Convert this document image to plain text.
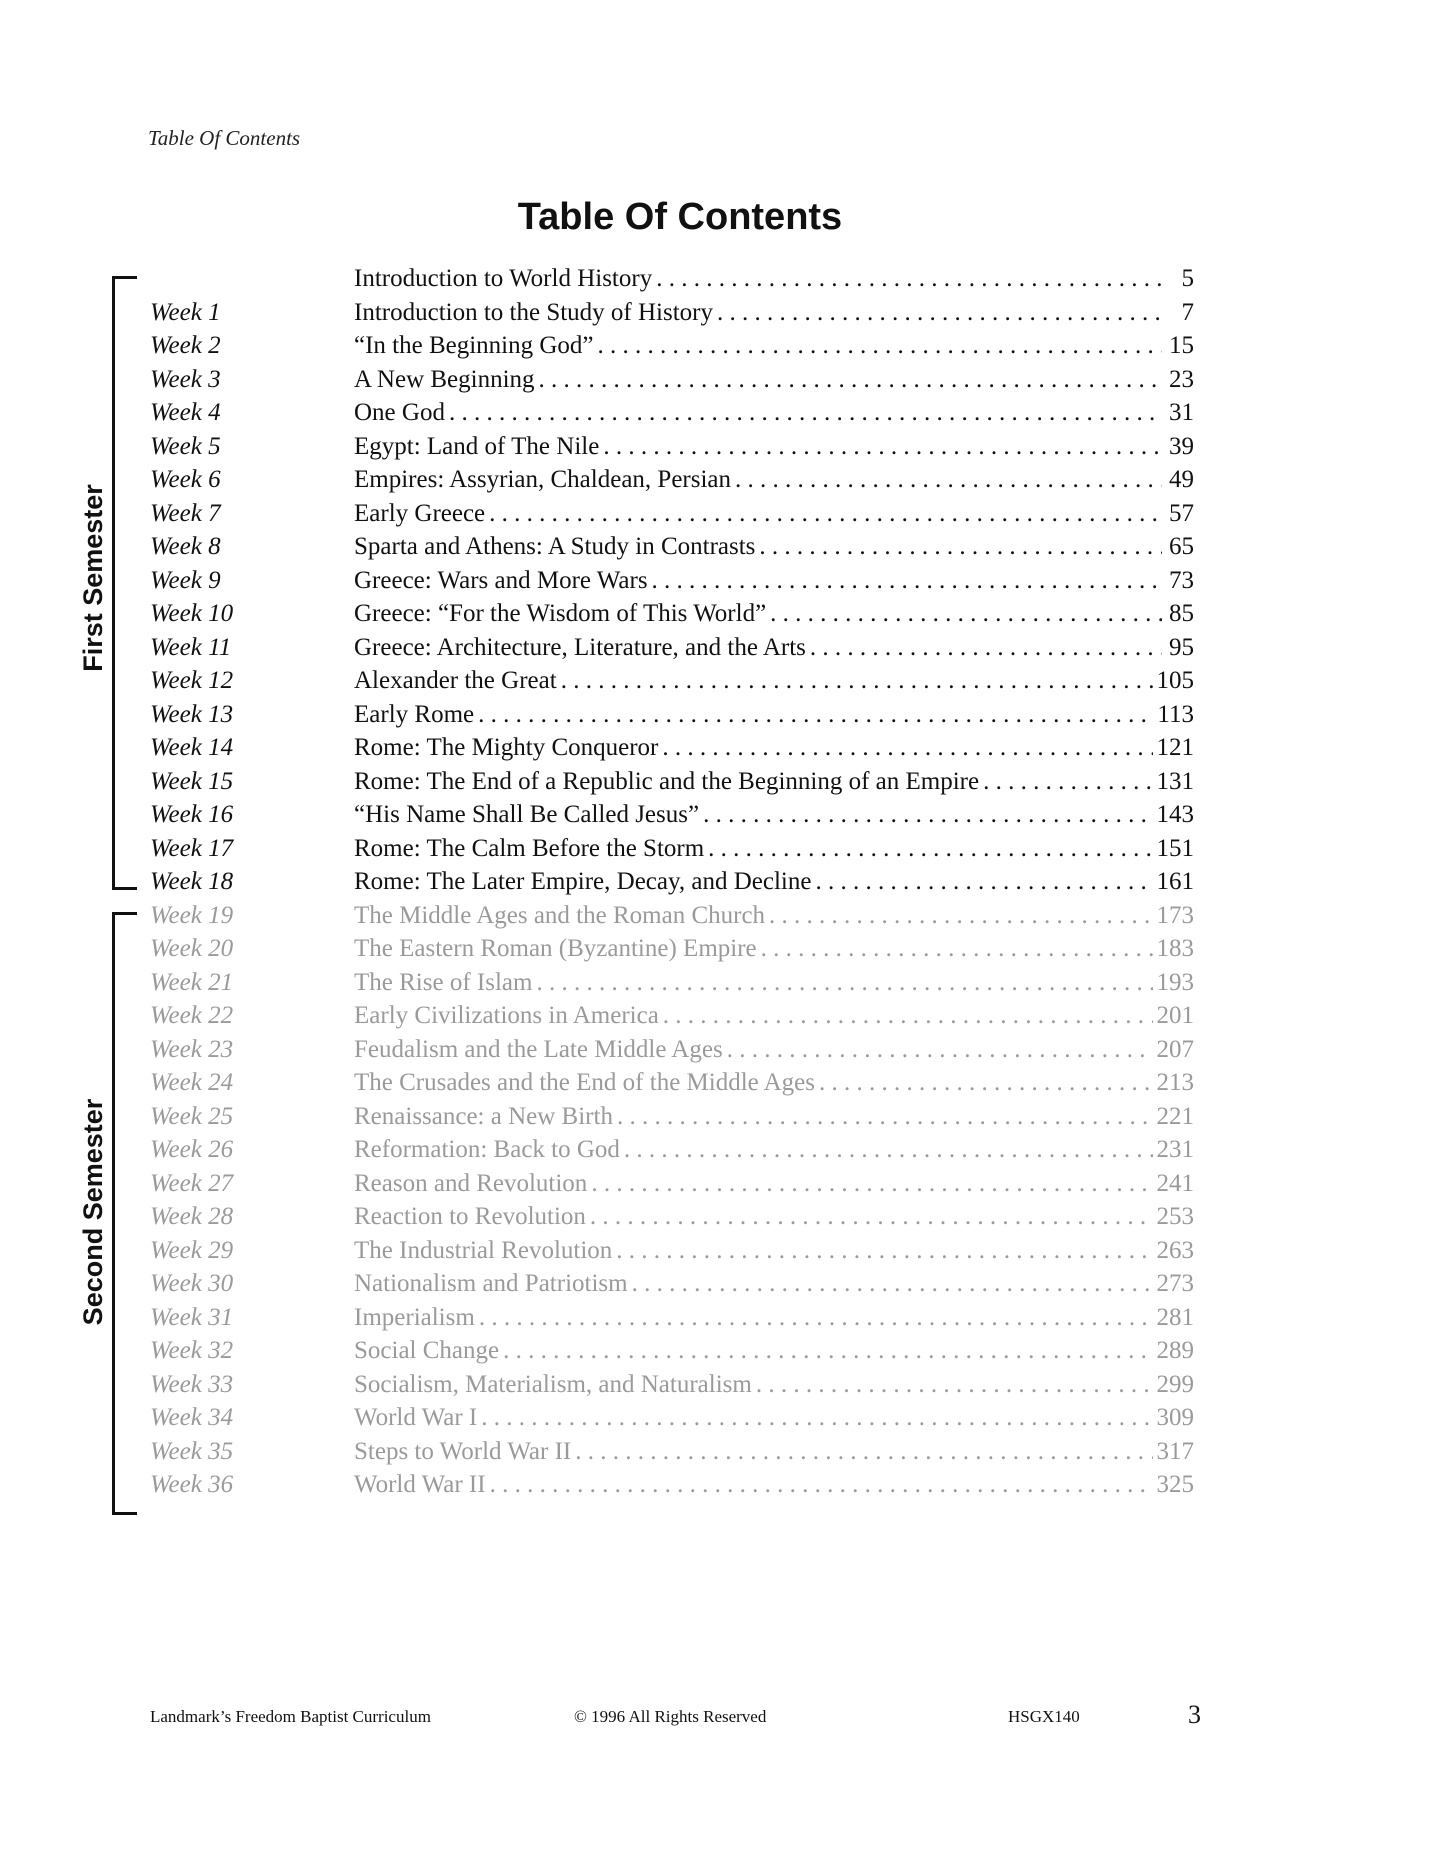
Table Of Contents
Table Of Contents
First Semester
Second Semester
Introduction to World History . . .	5
Week 1	Introduction to the Study of History . . .	7
Week 2	“In the Beginning God” . . .	15
Week 3	A New Beginning . . .	23
Week 4	One God . . .	31
Week 5	Egypt: Land of The Nile . . .	39
Week 6	Empires: Assyrian, Chaldean, Persian . . .	49
Week 7	Early Greece . . .	57
Week 8	Sparta and Athens: A Study in Contrasts . . .	65
Week 9	Greece: Wars and More Wars . . .	73
Week 10	Greece: “For the Wisdom of This World” . . .	85
Week 11	Greece: Architecture, Literature, and the Arts . . .	95
Week 12	Alexander the Great . . .	105
Week 13	Early Rome . . .	113
Week 14	Rome: The Mighty Conqueror . . .	121
Week 15	Rome: The End of a Republic and the Beginning of an Empire . . .	131
Week 16	“His Name Shall Be Called Jesus” . . .	143
Week 17	Rome: The Calm Before the Storm . . .	151
Week 18	Rome: The Later Empire, Decay, and Decline . . .	161
Week 19	The Middle Ages and the Roman Church . . .	173
Week 20	The Eastern Roman (Byzantine) Empire . . .	183
Week 21	The Rise of Islam . . .	193
Week 22	Early Civilizations in America . . .	201
Week 23	Feudalism and the Late Middle Ages . . .	207
Week 24	The Crusades and the End of the Middle Ages . . .	213
Week 25	Renaissance: a New Birth . . .	221
Week 26	Reformation: Back to God . . .	231
Week 27	Reason and Revolution . . .	241
Week 28	Reaction to Revolution . . .	253
Week 29	The Industrial Revolution . . .	263
Week 30	Nationalism and Patriotism . . .	273
Week 31	Imperialism . . .	281
Week 32	Social Change . . .	289
Week 33	Socialism, Materialism, and Naturalism . . .	299
Week 34	World War I . . .	309
Week 35	Steps to World War II . . .	317
Week 36	World War II . . .	325
Landmark’s Freedom Baptist Curriculum	© 1996 All Rights Reserved	HSGX140	3
